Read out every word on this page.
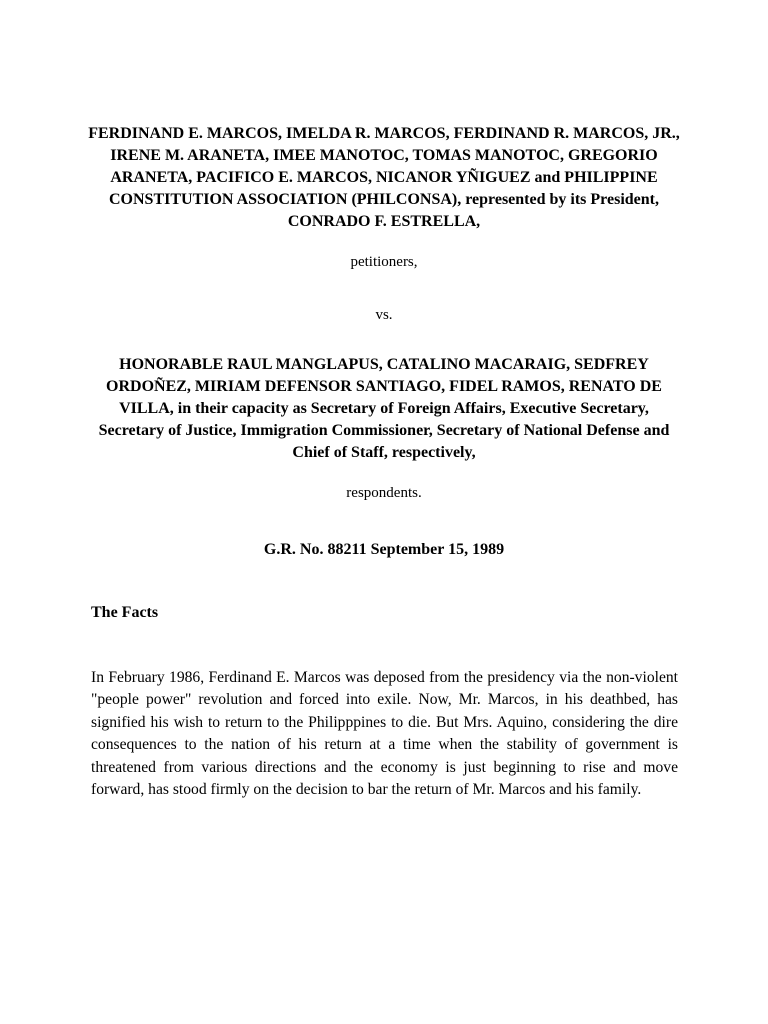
FERDINAND E. MARCOS, IMELDA R. MARCOS, FERDINAND R. MARCOS, JR., IRENE M. ARANETA, IMEE MANOTOC, TOMAS MANOTOC, GREGORIO ARANETA, PACIFICO E. MARCOS, NICANOR YÑIGUEZ and PHILIPPINE CONSTITUTION ASSOCIATION (PHILCONSA), represented by its President, CONRADO F. ESTRELLA,
petitioners,
vs.
HONORABLE RAUL MANGLAPUS, CATALINO MACARAIG, SEDFREY ORDOÑEZ, MIRIAM DEFENSOR SANTIAGO, FIDEL RAMOS, RENATO DE VILLA, in their capacity as Secretary of Foreign Affairs, Executive Secretary, Secretary of Justice, Immigration Commissioner, Secretary of National Defense and Chief of Staff, respectively,
respondents.
G.R. No. 88211 September 15, 1989
The Facts
In February 1986, Ferdinand E. Marcos was deposed from the presidency via the non-violent "people power" revolution and forced into exile. Now, Mr. Marcos, in his deathbed, has signified his wish to return to the Philipppines to die. But Mrs. Aquino, considering the dire consequences to the nation of his return at a time when the stability of government is threatened from various directions and the economy is just beginning to rise and move forward, has stood firmly on the decision to bar the return of Mr. Marcos and his family.
